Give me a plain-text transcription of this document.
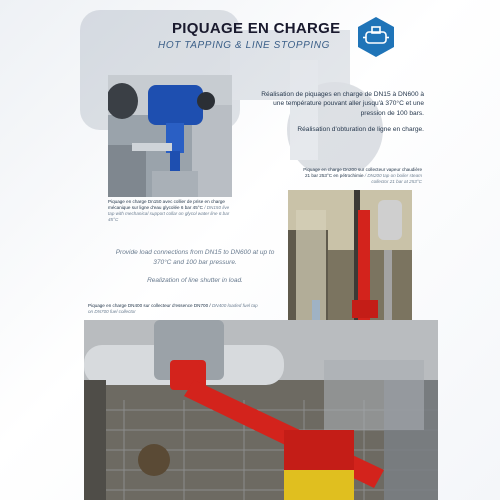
PIQUAGE EN CHARGE
HOT TAPPING & LINE STOPPING
Piquage en charge Dn150 avec collier de prise en charge mécanique sur ligne d'eau glycolée 6 bar 45°C / DN150 live tap with mechanical support collar on glycol water line 6 bar 45°C

Réalisation de piquages en charge de DN15 à DN600 à une température pouvant aller jusqu'à 370°C et une pression de 100 bars.

Réalisation d'obturation de ligne en charge.

Piquage en charge Dn200 sur collecteur vapeur chaudière 21 bar 253°C en pétrochimie / DN200 tap on boiler steam collector 21 bar at 253°C

Provide load connections from DN15 to DN600 at up to 370°C and 100 bar pressure.

Realization of line shutter in load.

Piquage en charge DN400 sur collecteur d'essence DN700 / DN400 loaded fuel tap on DN700 fuel collector
